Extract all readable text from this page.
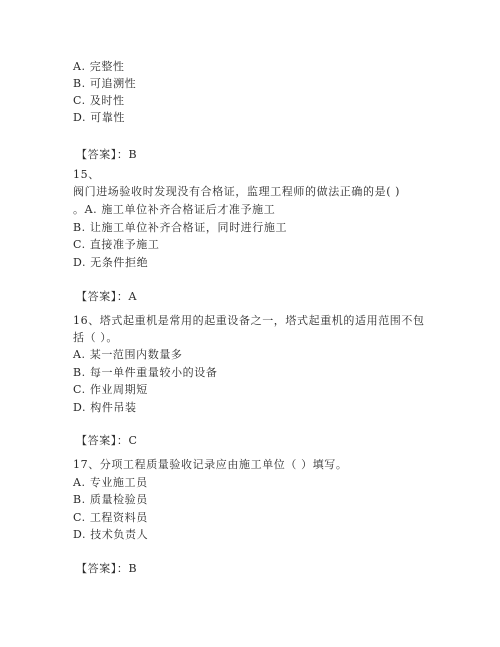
A. 完整性
B. 可追溯性
C. 及时性
D. 可靠性
【答案】：B
15、
阀门进场验收时发现没有合格证，监理工程师的做法正确的是( )
。A. 施工单位补齐合格证后才准予施工
B. 让施工单位补齐合格证，同时进行施工
C. 直接准予施工
D. 无条件拒绝
【答案】：A
16、塔式起重机是常用的起重设备之一，塔式起重机的适用范围不包
括（ ）。
A. 某一范围内数量多
B. 每一单件重量较小的设备
C. 作业周期短
D. 构件吊装
【答案】：C
17、分项工程质量验收记录应由施工单位（ ）填写。
A. 专业施工员
B. 质量检验员
C. 工程资料员
D. 技术负责人
【答案】：B
